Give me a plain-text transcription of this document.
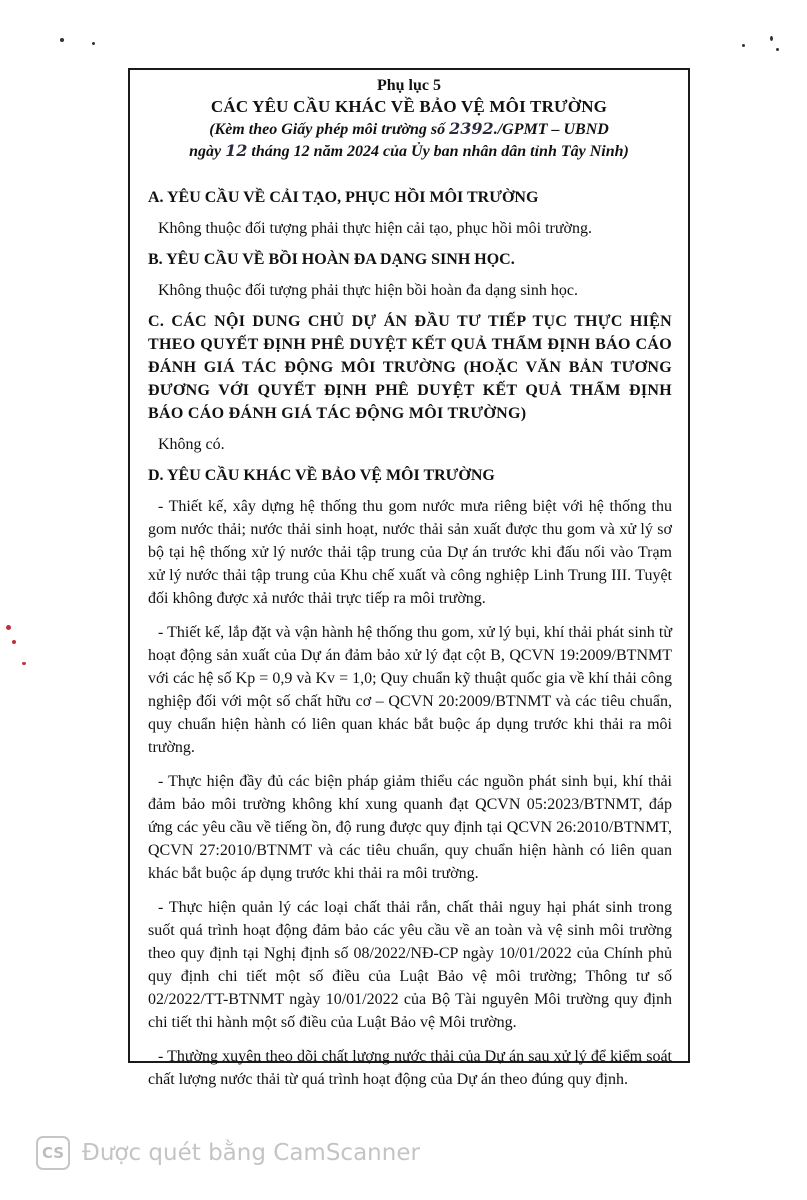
Phụ lục 5
CÁC YÊU CẦU KHÁC VỀ BẢO VỆ MÔI TRƯỜNG
(Kèm theo Giấy phép môi trường số 2392./GPMT – UBND
ngày 12 tháng 12 năm 2024 của Ủy ban nhân dân tỉnh Tây Ninh)

A. YÊU CẦU VỀ CẢI TẠO, PHỤC HỒI MÔI TRƯỜNG

Không thuộc đối tượng phải thực hiện cải tạo, phục hồi môi trường.

B. YÊU CẦU VỀ BỒI HOÀN ĐA DẠNG SINH HỌC.

Không thuộc đối tượng phải thực hiện bồi hoàn đa dạng sinh học.

C. CÁC NỘI DUNG CHỦ DỰ ÁN ĐẦU TƯ TIẾP TỤC THỰC HIỆN THEO QUYẾT ĐỊNH PHÊ DUYỆT KẾT QUẢ THẨM ĐỊNH BÁO CÁO ĐÁNH GIÁ TÁC ĐỘNG MÔI TRƯỜNG (HOẶC VĂN BẢN TƯƠNG ĐƯƠNG VỚI QUYẾT ĐỊNH PHÊ DUYỆT KẾT QUẢ THẨM ĐỊNH BÁO CÁO ĐÁNH GIÁ TÁC ĐỘNG MÔI TRƯỜNG)

Không có.

D. YÊU CẦU KHÁC VỀ BẢO VỆ MÔI TRƯỜNG

- Thiết kế, xây dựng hệ thống thu gom nước mưa riêng biệt với hệ thống thu gom nước thải; nước thải sinh hoạt, nước thải sản xuất được thu gom và xử lý sơ bộ tại hệ thống xử lý nước thải tập trung của Dự án trước khi đấu nối vào Trạm xử lý nước thải tập trung của Khu chế xuất và công nghiệp Linh Trung III. Tuyệt đối không được xả nước thải trực tiếp ra môi trường.

- Thiết kế, lắp đặt và vận hành hệ thống thu gom, xử lý bụi, khí thải phát sinh từ hoạt động sản xuất của Dự án đảm bảo xử lý đạt cột B, QCVN 19:2009/BTNMT với các hệ số Kp = 0,9 và Kv = 1,0; Quy chuẩn kỹ thuật quốc gia về khí thải công nghiệp đối với một số chất hữu cơ – QCVN 20:2009/BTNMT và các tiêu chuẩn, quy chuẩn hiện hành có liên quan khác bắt buộc áp dụng trước khi thải ra môi trường.

- Thực hiện đầy đủ các biện pháp giảm thiểu các nguồn phát sinh bụi, khí thải đảm bảo môi trường không khí xung quanh đạt QCVN 05:2023/BTNMT, đáp ứng các yêu cầu về tiếng ồn, độ rung được quy định tại QCVN 26:2010/BTNMT, QCVN 27:2010/BTNMT và các tiêu chuẩn, quy chuẩn hiện hành có liên quan khác bắt buộc áp dụng trước khi thải ra môi trường.

- Thực hiện quản lý các loại chất thải rắn, chất thải nguy hại phát sinh trong suốt quá trình hoạt động đảm bảo các yêu cầu về an toàn và vệ sinh môi trường theo quy định tại Nghị định số 08/2022/NĐ-CP ngày 10/01/2022 của Chính phủ quy định chi tiết một số điều của Luật Bảo vệ môi trường; Thông tư số 02/2022/TT-BTNMT ngày 10/01/2022 của Bộ Tài nguyên Môi trường quy định chi tiết thi hành một số điều của Luật Bảo vệ Môi trường.

- Thường xuyên theo dõi chất lượng nước thải của Dự án sau xử lý để kiểm soát chất lượng nước thải từ quá trình hoạt động của Dự án theo đúng quy định.

CS Được quét bằng CamScanner
